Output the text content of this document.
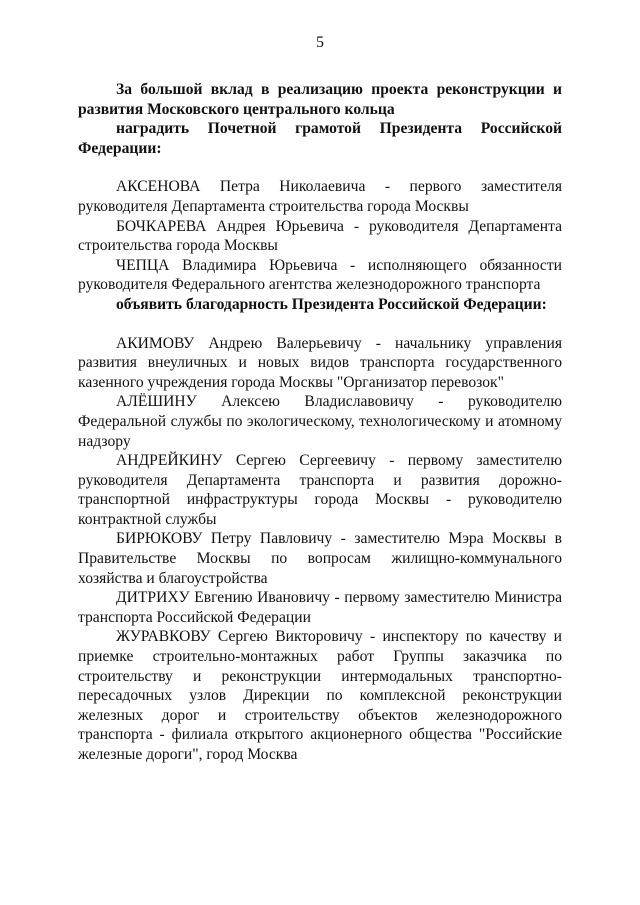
5

За большой вклад в реализацию проекта реконструкции и развития Московского центрального кольца

наградить Почетной грамотой Президента Российской Федерации:

АКСЕНОВА Петра Николаевича - первого заместителя руководителя Департамента строительства города Москвы

БОЧКАРЕВА Андрея Юрьевича - руководителя Департамента строительства города Москвы

ЧЕПЦА Владимира Юрьевича - исполняющего обязанности руководителя Федерального агентства железнодорожного транспорта

объявить благодарность Президента Российской Федерации:

АКИМОВУ Андрею Валерьевичу - начальнику управления развития внеуличных и новых видов транспорта государственного казенного учреждения города Москвы "Организатор перевозок"

АЛЁШИНУ Алексею Владиславовичу - руководителю Федеральной службы по экологическому, технологическому и атомному надзору

АНДРЕЙКИНУ Сергею Сергеевичу - первому заместителю руководителя Департамента транспорта и развития дорожно-транспортной инфраструктуры города Москвы - руководителю контрактной службы

БИРЮКОВУ Петру Павловичу - заместителю Мэра Москвы в Правительстве Москвы по вопросам жилищно-коммунального хозяйства и благоустройства

ДИТРИХУ Евгению Ивановичу - первому заместителю Министра транспорта Российской Федерации

ЖУРАВКОВУ Сергею Викторовичу - инспектору по качеству и приемке строительно-монтажных работ Группы заказчика по строительству и реконструкции интермодальных транспортно-пересадочных узлов Дирекции по комплексной реконструкции железных дорог и строительству объектов железнодорожного транспорта - филиала открытого акционерного общества "Российские железные дороги", город Москва
